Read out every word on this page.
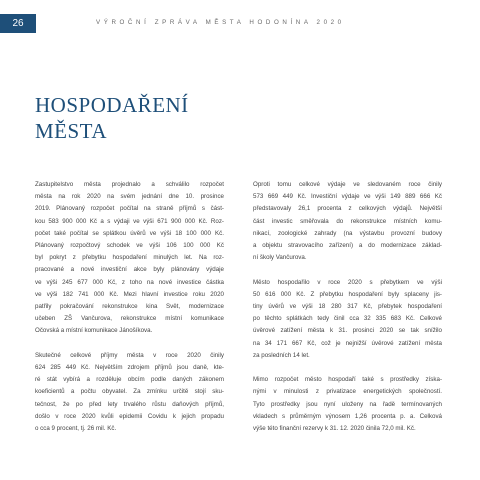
26	VÝROČNÍ ZPRÁVA MĚSTA HODONÍNA 2020
HOSPODAŘENÍ
MĚSTA
Zastupitelstvo města projednalo a schválilo rozpočet
města na rok 2020 na svém jednání dne 10. prosince
2019. Plánovaný rozpočet počítal na straně příjmů s část-
kou 583 900 000 Kč a s výdaji ve výši 671 900 000 Kč. Roz-
počet také počítal se splátkou úvěrů ve výši 18 100 000 Kč.
Plánovaný rozpočtový schodek ve výši 106 100 000 Kč
byl pokryt z přebytku hospodaření minulých let. Na roz-
pracované a nové investiční akce byly plánovány výdaje
ve výši 245 677 000 Kč, z toho na nové investice částka
ve výši 182 741 000 Kč. Mezi hlavní investice roku 2020
patřily pokračování rekonstrukce kina Svět, modernizace
učeben ZŠ Vančurova, rekonstrukce místní komunikace
Očovská a místní komunikace Jánošíkova.
Skutečné celkové příjmy města v roce 2020 činily
624 285 449 Kč. Největším zdrojem příjmů jsou daně, kte-
ré stát vybírá a rozděluje obcím podle daných zákonem
koeficientů a počtu obyvatel. Za zmínku určitě stojí sku-
tečnost, že po před lety trvalého růstu daňových příjmů,
došlo v roce 2020 kvůli epidemii Covidu k jejich propadu
o cca 9 procent, tj. 26 mil. Kč.
Oproti tomu celkové výdaje ve sledovaném roce činily
573 669 449 Kč. Investiční výdaje ve výši 149 889 666 Kč
představovaly 26,1 procenta z celkových výdajů. Největší
část investic směřovala do rekonstrukce místních komu-
nikací, zoologické zahrady (na výstavbu provozní budovy
a objektu stravovacího zařízení) a do modernizace základ-
ní školy Vančurova.
Město hospodařilo v roce 2020 s přebytkem ve výši
50 616 000 Kč. Z přebytku hospodaření byly splaceny jis-
tiny úvěrů ve výši 18 280 317 Kč, přebytek hospodaření
po těchto splátkách tedy činil cca 32 335 683 Kč. Celkové
úvěrové zatížení města k 31. prosinci 2020 se tak snížilo
na 34 171 667 Kč, což je nejnižší úvěrové zatížení města
za posledních 14 let.
Mimo rozpočet město hospodaří také s prostředky získa-
nými v minulosti z privatizace energetických společností.
Tyto prostředky jsou nyní uloženy na řadě termínovaných
vkladech s průměrným výnosem 1,26 procenta p. a. Celková
výše této finanční rezervy k 31. 12. 2020 činila 72,0 mil. Kč.
